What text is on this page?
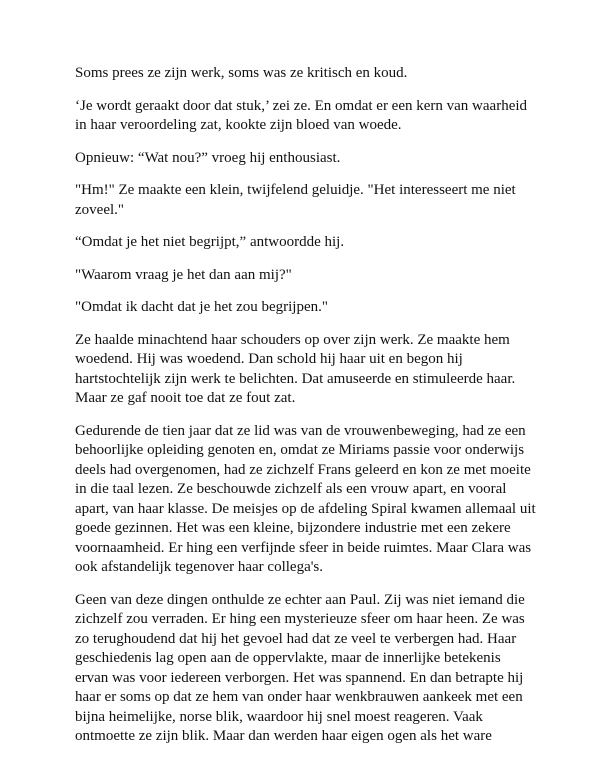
Soms prees ze zijn werk, soms was ze kritisch en koud.

‘Je wordt geraakt door dat stuk,’ zei ze. En omdat er een kern van waarheid in haar veroordeling zat, kookte zijn bloed van woede.

Opnieuw: “Wat nou?” vroeg hij enthousiast.

"Hm!" Ze maakte een klein, twijfelend geluidje. "Het interesseert me niet zoveel."

“Omdat je het niet begrijpt,” antwoordde hij.

"Waarom vraag je het dan aan mij?"

"Omdat ik dacht dat je het zou begrijpen."

Ze haalde minachtend haar schouders op over zijn werk. Ze maakte hem woedend. Hij was woedend. Dan schold hij haar uit en begon hij hartstochtelijk zijn werk te belichten. Dat amuseerde en stimuleerde haar. Maar ze gaf nooit toe dat ze fout zat.

Gedurende de tien jaar dat ze lid was van de vrouwenbeweging, had ze een behoorlijke opleiding genoten en, omdat ze Miriams passie voor onderwijs deels had overgenomen, had ze zichzelf Frans geleerd en kon ze met moeite in die taal lezen. Ze beschouwde zichzelf als een vrouw apart, en vooral apart, van haar klasse. De meisjes op de afdeling Spiral kwamen allemaal uit goede gezinnen. Het was een kleine, bijzondere industrie met een zekere voornaamheid. Er hing een verfijnde sfeer in beide ruimtes. Maar Clara was ook afstandelijk tegenover haar collega's.

Geen van deze dingen onthulde ze echter aan Paul. Zij was niet iemand die zichzelf zou verraden. Er hing een mysterieuze sfeer om haar heen. Ze was zo terughoudend dat hij het gevoel had dat ze veel te verbergen had. Haar geschiedenis lag open aan de oppervlakte, maar de innerlijke betekenis ervan was voor iedereen verborgen. Het was spannend. En dan betrapte hij haar er soms op dat ze hem van onder haar wenkbrauwen aankeek met een bijna heimelijke, norse blik, waardoor hij snel moest reageren. Vaak ontmoette ze zijn blik. Maar dan werden haar eigen ogen als het ware
